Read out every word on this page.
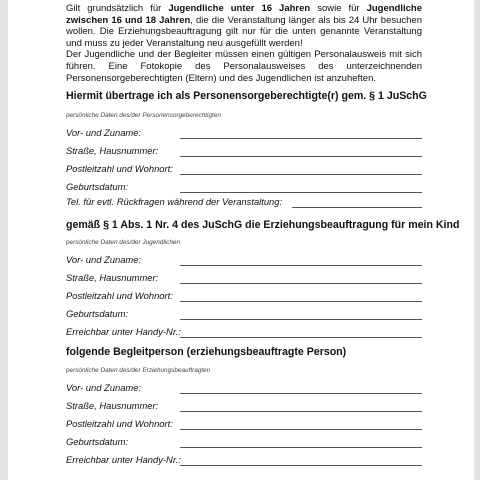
Gilt grundsätzlich für Jugendliche unter 16 Jahren sowie für Jugendliche zwischen 16 und 18 Jahren, die die Veranstaltung länger als bis 24 Uhr besuchen wollen. Die Erziehungsbeauftragung gilt nur für die unten genannte Veranstaltung und muss zu jeder Veranstaltung neu ausgefüllt werden!

Der Jugendliche und der Begleiter müssen einen gültigen Personalausweis mit sich führen. Eine Fotokopie des Personalausweises des unterzeichnenden Personensorgeberechtigten (Eltern) und des Jugendlichen ist anzuheften.

Hiermit übertrage ich als Personensorgeberechtigte(r) gem. § 1 JuSchG
persönliche Daten des/der Personensorgeberechtigten
Vor- und Zuname:
Straße, Hausnummer:
Postleitzahl und Wohnort:
Geburtsdatum:
Tel. für evtl. Rückfragen während der Veranstaltung:
gemäß § 1 Abs. 1 Nr. 4 des JuSchG die Erziehungsbeauftragung für mein Kind
persönliche Daten des/der Jugendlichen
Vor- und Zuname:
Straße, Hausnummer:
Postleitzahl und Wohnort:
Geburtsdatum:
Erreichbar unter Handy-Nr.:
folgende Begleitperson (erziehungsbeauftragte Person)
persönliche Daten des/der Erziehungsbeauftragten
Vor- und Zuname:
Straße, Hausnummer:
Postleitzahl und Wohnort:
Geburtsdatum:
Erreichbar unter Handy-Nr.:
